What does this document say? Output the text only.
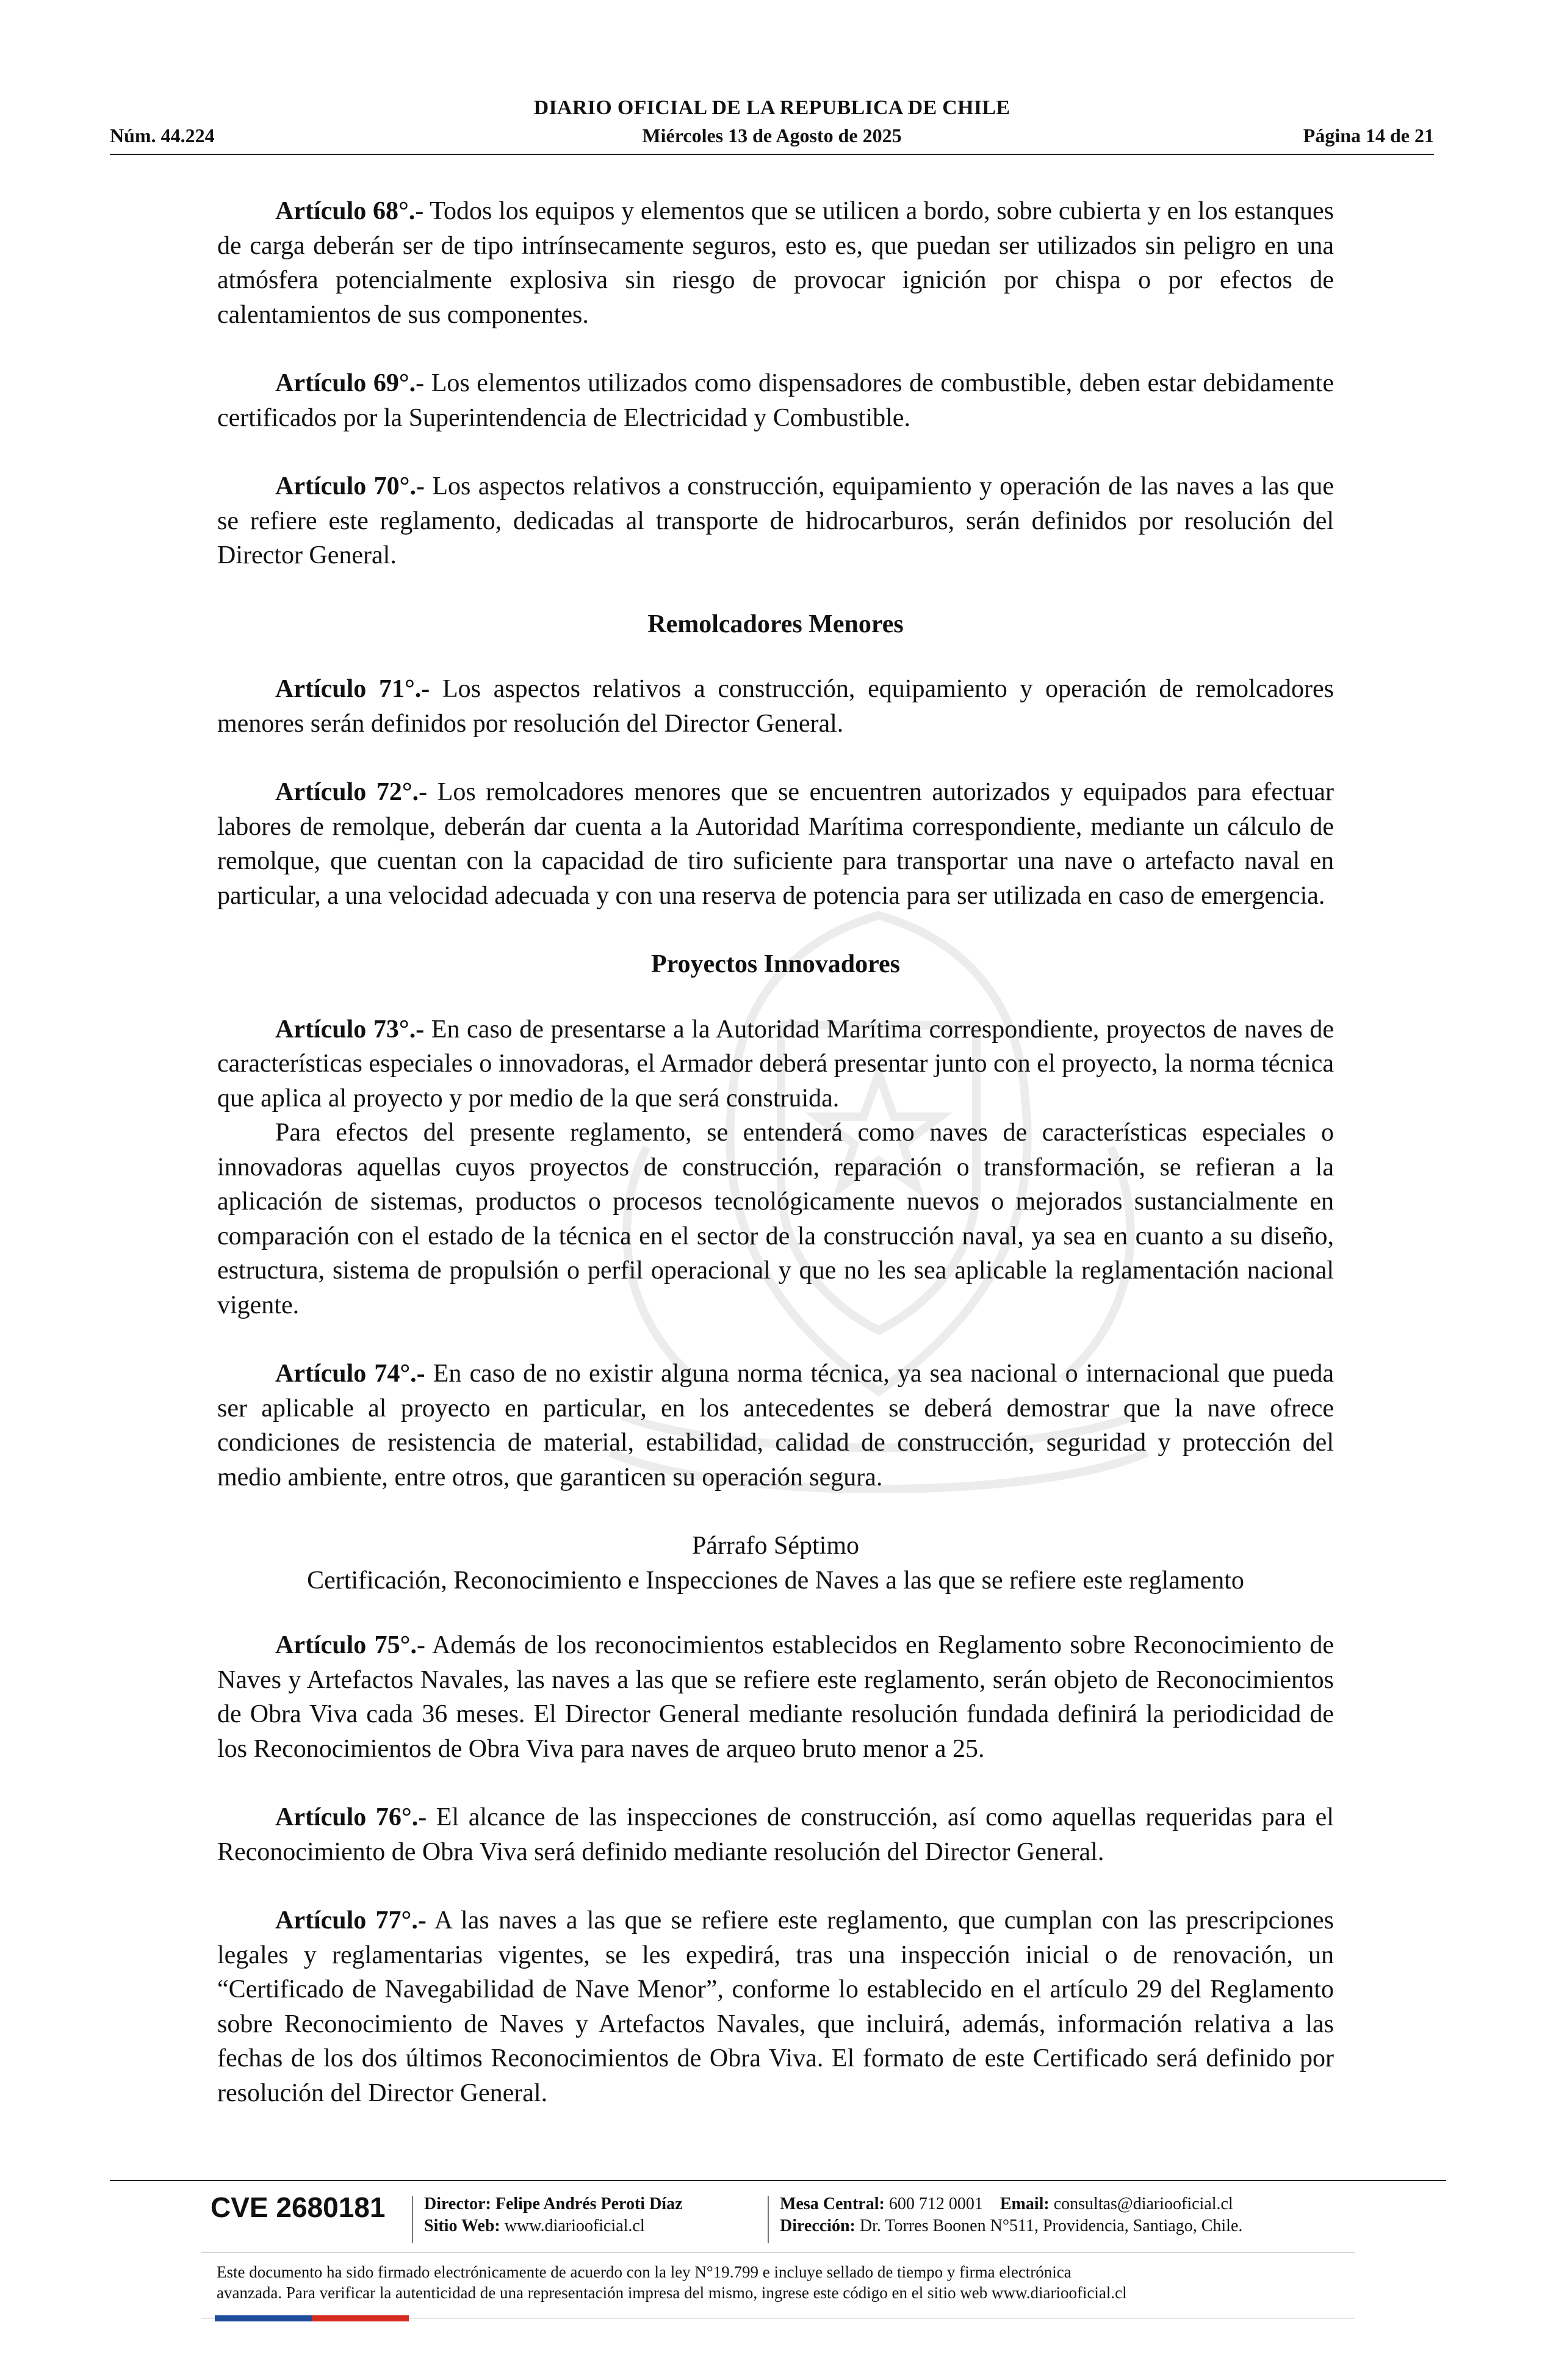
DIARIO OFICIAL DE LA REPUBLICA DE CHILE
Núm. 44.224	Miércoles 13 de Agosto de 2025	Página 14 de 21

Artículo 68°.- Todos los equipos y elementos que se utilicen a bordo, sobre cubierta y en los estanques de carga deberán ser de tipo intrínsecamente seguros, esto es, que puedan ser utilizados sin peligro en una atmósfera potencialmente explosiva sin riesgo de provocar ignición por chispa o por efectos de calentamientos de sus componentes.

Artículo 69°.- Los elementos utilizados como dispensadores de combustible, deben estar debidamente certificados por la Superintendencia de Electricidad y Combustible.

Artículo 70°.- Los aspectos relativos a construcción, equipamiento y operación de las naves a las que se refiere este reglamento, dedicadas al transporte de hidrocarburos, serán definidos por resolución del Director General.

Remolcadores Menores

Artículo 71°.- Los aspectos relativos a construcción, equipamiento y operación de remolcadores menores serán definidos por resolución del Director General.

Artículo 72°.- Los remolcadores menores que se encuentren autorizados y equipados para efectuar labores de remolque, deberán dar cuenta a la Autoridad Marítima correspondiente, mediante un cálculo de remolque, que cuentan con la capacidad de tiro suficiente para transportar una nave o artefacto naval en particular, a una velocidad adecuada y con una reserva de potencia para ser utilizada en caso de emergencia.

Proyectos Innovadores

Artículo 73°.- En caso de presentarse a la Autoridad Marítima correspondiente, proyectos de naves de características especiales o innovadoras, el Armador deberá presentar junto con el proyecto, la norma técnica que aplica al proyecto y por medio de la que será construida.

Para efectos del presente reglamento, se entenderá como naves de características especiales o innovadoras aquellas cuyos proyectos de construcción, reparación o transformación, se refieran a la aplicación de sistemas, productos o procesos tecnológicamente nuevos o mejorados sustancialmente en comparación con el estado de la técnica en el sector de la construcción naval, ya sea en cuanto a su diseño, estructura, sistema de propulsión o perfil operacional y que no les sea aplicable la reglamentación nacional vigente.

Artículo 74°.- En caso de no existir alguna norma técnica, ya sea nacional o internacional que pueda ser aplicable al proyecto en particular, en los antecedentes se deberá demostrar que la nave ofrece condiciones de resistencia de material, estabilidad, calidad de construcción, seguridad y protección del medio ambiente, entre otros, que garanticen su operación segura.

Párrafo Séptimo
Certificación, Reconocimiento e Inspecciones de Naves a las que se refiere este reglamento

Artículo 75°.- Además de los reconocimientos establecidos en Reglamento sobre Reconocimiento de Naves y Artefactos Navales, las naves a las que se refiere este reglamento, serán objeto de Reconocimientos de Obra Viva cada 36 meses. El Director General mediante resolución fundada definirá la periodicidad de los Reconocimientos de Obra Viva para naves de arqueo bruto menor a 25.

Artículo 76°.- El alcance de las inspecciones de construcción, así como aquellas requeridas para el Reconocimiento de Obra Viva será definido mediante resolución del Director General.

Artículo 77°.- A las naves a las que se refiere este reglamento, que cumplan con las prescripciones legales y reglamentarias vigentes, se les expedirá, tras una inspección inicial o de renovación, un “Certificado de Navegabilidad de Nave Menor”, conforme lo establecido en el artículo 29 del Reglamento sobre Reconocimiento de Naves y Artefactos Navales, que incluirá, además, información relativa a las fechas de los dos últimos Reconocimientos de Obra Viva. El formato de este Certificado será definido por resolución del Director General.

CVE 2680181 Director: Felipe Andrés Peroti Díaz
Sitio Web: www.diariooficial.cl
Mesa Central: 600 712 0001 Email: consultas@diariooficial.cl
Dirección: Dr. Torres Boonen N°511, Providencia, Santiago, Chile.
Este documento ha sido firmado electrónicamente de acuerdo con la ley N°19.799 e incluye sellado de tiempo y firma electrónica
avanzada. Para verificar la autenticidad de una representación impresa del mismo, ingrese este código en el sitio web www.diariooficial.cl
